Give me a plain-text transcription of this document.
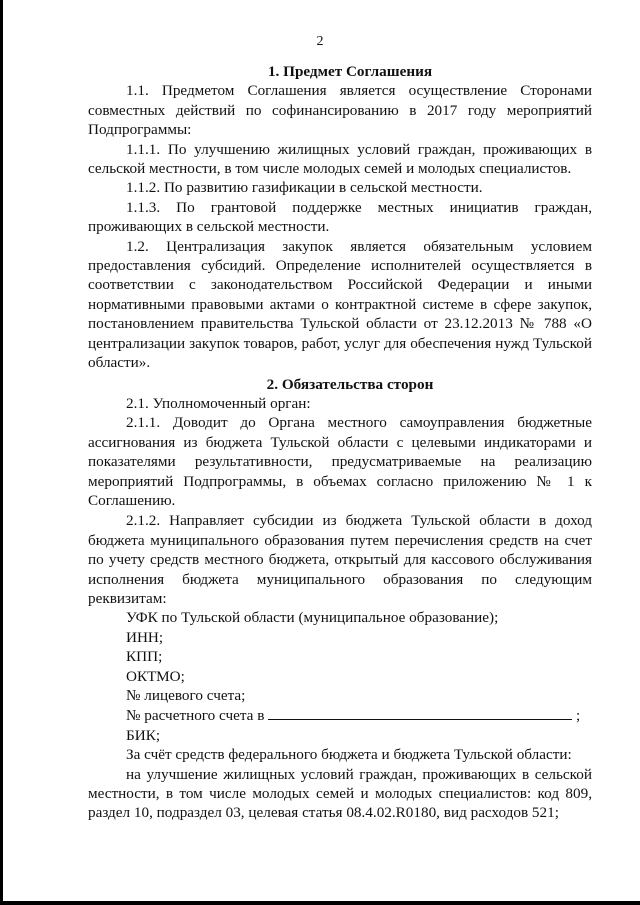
2

1. Предмет Соглашения

1.1. Предметом Соглашения является осуществление Сторонами совместных действий по софинансированию в 2017 году мероприятий Подпрограммы:

1.1.1. По улучшению жилищных условий граждан, проживающих в сельской местности, в том числе молодых семей и молодых специалистов.

1.1.2. По развитию газификации в сельской местности.

1.1.3. По грантовой поддержке местных инициатив граждан, проживающих в сельской местности.

1.2. Централизация закупок является обязательным условием предоставления субсидий. Определение исполнителей осуществляется в соответствии с законодательством Российской Федерации и иными нормативными правовыми актами о контрактной системе в сфере закупок, постановлением правительства Тульской области от 23.12.2013 № 788 «О централизации закупок товаров, работ, услуг для обеспечения нужд Тульской области».

2. Обязательства сторон

2.1. Уполномоченный орган:

2.1.1. Доводит до Органа местного самоуправления бюджетные ассигнования из бюджета Тульской области с целевыми индикаторами и показателями результативности, предусматриваемые на реализацию мероприятий Подпрограммы, в объемах согласно приложению № 1 к Соглашению.

2.1.2. Направляет субсидии из бюджета Тульской области в доход бюджета муниципального образования путем перечисления средств на счет по учету средств местного бюджета, открытый для кассового обслуживания исполнения бюджета муниципального образования по следующим реквизитам:

УФК по Тульской области (муниципальное образование);

ИНН;

КПП;

ОКТМО;

№ лицевого счета;

№ расчетного счета в	;

БИК;

За счёт средств федерального бюджета и бюджета Тульской области:

на улучшение жилищных условий граждан, проживающих в сельской местности, в том числе молодых семей и молодых специалистов: код 809, раздел 10, подраздел 03, целевая статья 08.4.02.R0180, вид расходов 521;
